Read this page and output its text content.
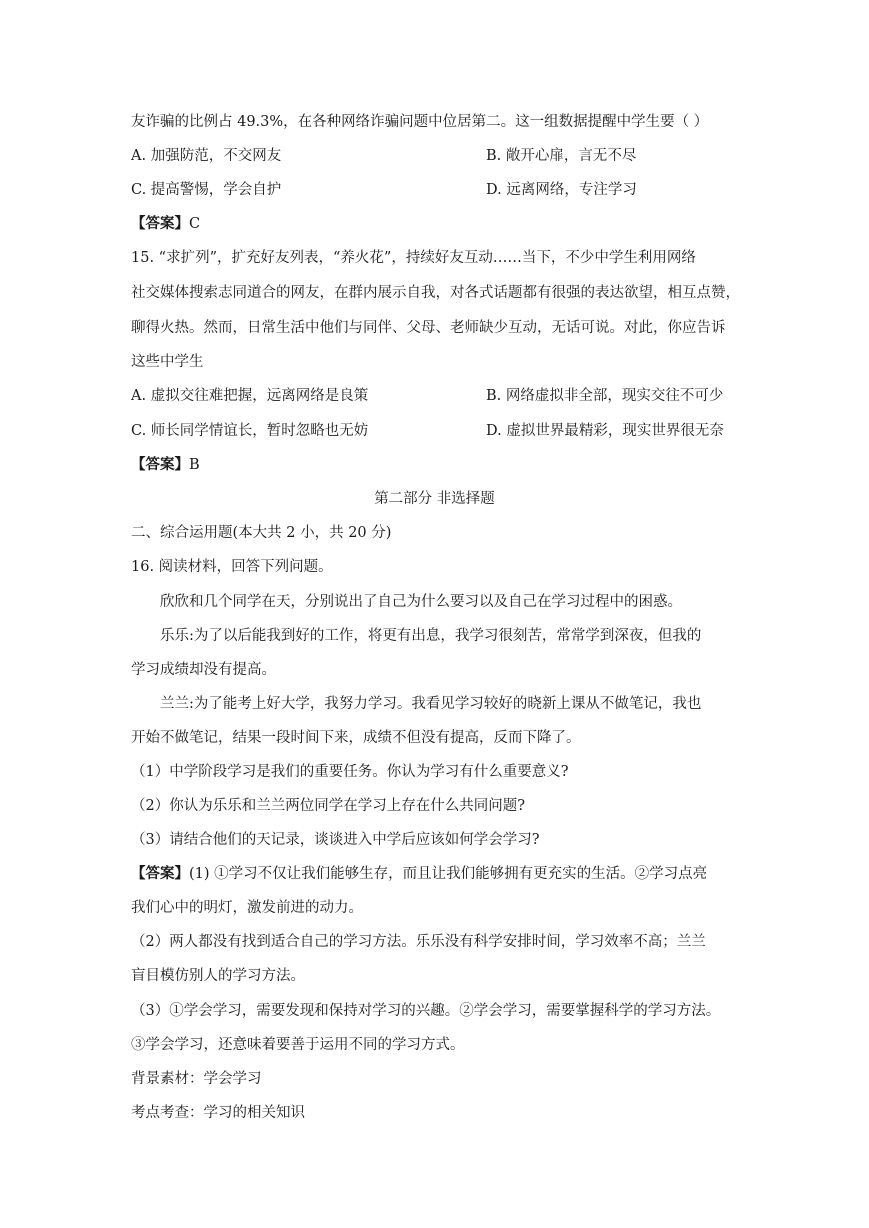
友诈骗的比例占 49.3%，在各种网络诈骗问题中位居第二。这一组数据提醒中学生要（ ）
A. 加强防范，不交网友	B. 敞开心扉，言无不尽
C. 提高警惕，学会自护	D. 远离网络，专注学习
【答案】C
15. “求扩列”，扩充好友列表，“养火花”，持续好友互动……当下，不少中学生利用网络
社交媒体搜索志同道合的网友，在群内展示自我，对各式话题都有很强的表达欲望，相互点赞，
聊得火热。然而，日常生活中他们与同伴、父母、老师缺少互动，无话可说。对此，你应告诉
这些中学生
A. 虚拟交往难把握，远离网络是良策	B. 网络虚拟非全部，现实交往不可少
C. 师长同学情谊长，暂时忽略也无妨	D. 虚拟世界最精彩，现实世界很无奈
【答案】B
第二部分 非选择题
二、综合运用题(本大共 2 小，共 20 分)
16. 阅读材料，回答下列问题。
欣欣和几个同学在天，分别说出了自己为什么要习以及自己在学习过程中的困惑。
乐乐:为了以后能我到好的工作，将更有出息，我学习很刻苦，常常学到深夜，但我的
学习成绩却没有提高。
兰兰:为了能考上好大学，我努力学习。我看见学习较好的晓新上课从不做笔记，我也
开始不做笔记，结果一段时间下来，成绩不但没有提高，反而下降了。
（1）中学阶段学习是我们的重要任务。你认为学习有什么重要意义?
（2）你认为乐乐和兰兰两位同学在学习上存在什么共同问题?
（3）请结合他们的天记录，谈谈进入中学后应该如何学会学习?
【答案】(1) ①学习不仅让我们能够生存，而且让我们能够拥有更充实的生活。②学习点亮
我们心中的明灯，激发前进的动力。
（2）两人都没有找到适合自己的学习方法。乐乐没有科学安排时间，学习效率不高；兰兰
盲目模仿别人的学习方法。
（3）①学会学习，需要发现和保持对学习的兴趣。②学会学习，需要掌握科学的学习方法。
③学会学习，还意味着要善于运用不同的学习方式。
背景素材：学会学习
考点考查：学习的相关知识
